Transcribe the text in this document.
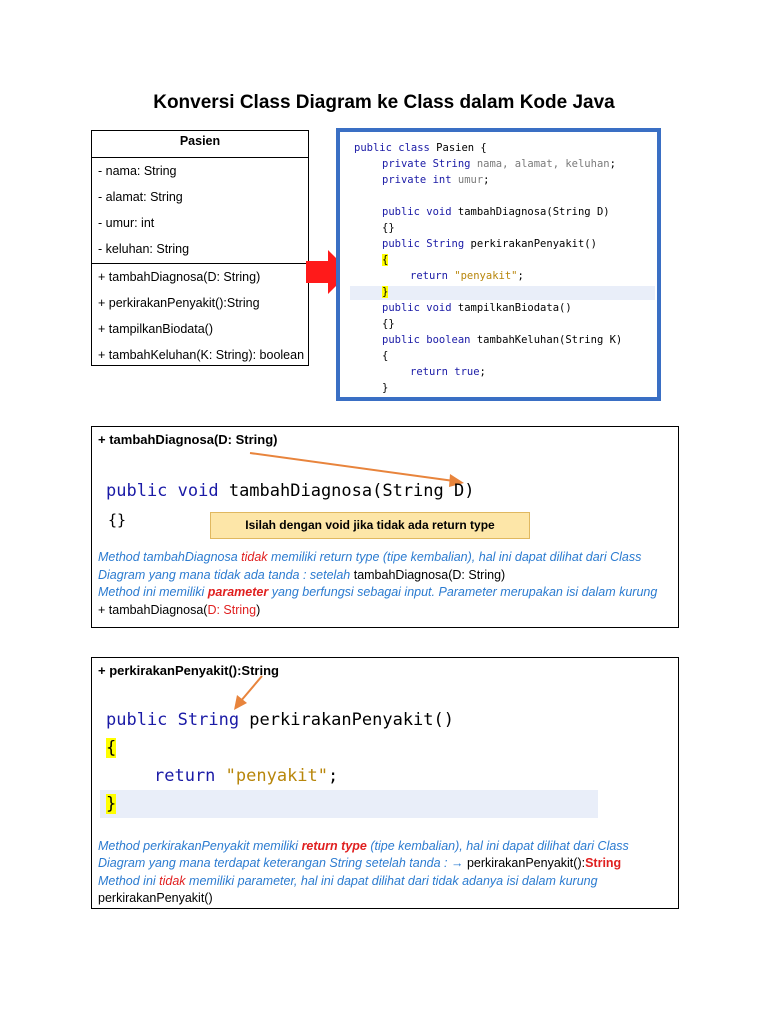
Konversi Class Diagram ke Class dalam Kode Java
Pasien
- nama: String
- alamat: String
- umur: int
- keluhan: String
+ tambahDiagnosa(D: String)
+ perkirakanPenyakit():String
+ tampilkanBiodata()
+ tambahKeluhan(K: String): boolean
public class Pasien {
private String nama, alamat, keluhan;
private int umur;
public void tambahDiagnosa(String D)
{}
public String perkirakanPenyakit()
{
return "penyakit";
}
public void tampilkanBiodata()
{}
public boolean tambahKeluhan(String K)
{
return true;
}
+ tambahDiagnosa(D: String)
public void tambahDiagnosa(String D)
{}	Isilah dengan void jika tidak ada return type
Method tambahDiagnosa tidak memiliki return type (tipe kembalian), hal ini dapat dilihat dari Class
Diagram yang mana tidak ada tanda : setelah tambahDiagnosa(D: String)
Method ini memiliki parameter yang berfungsi sebagai input. Parameter merupakan isi dalam kurung
+ tambahDiagnosa(D: String)
+ perkirakanPenyakit():String
public String perkirakanPenyakit()
{
return "penyakit";
}
Method perkirakanPenyakit memiliki return type (tipe kembalian), hal ini dapat dilihat dari Class
Diagram yang mana terdapat keterangan String setelah tanda : → perkirakanPenyakit():String
Method ini tidak memiliki parameter, hal ini dapat dilihat dari tidak adanya isi dalam kurung
perkirakanPenyakit()
